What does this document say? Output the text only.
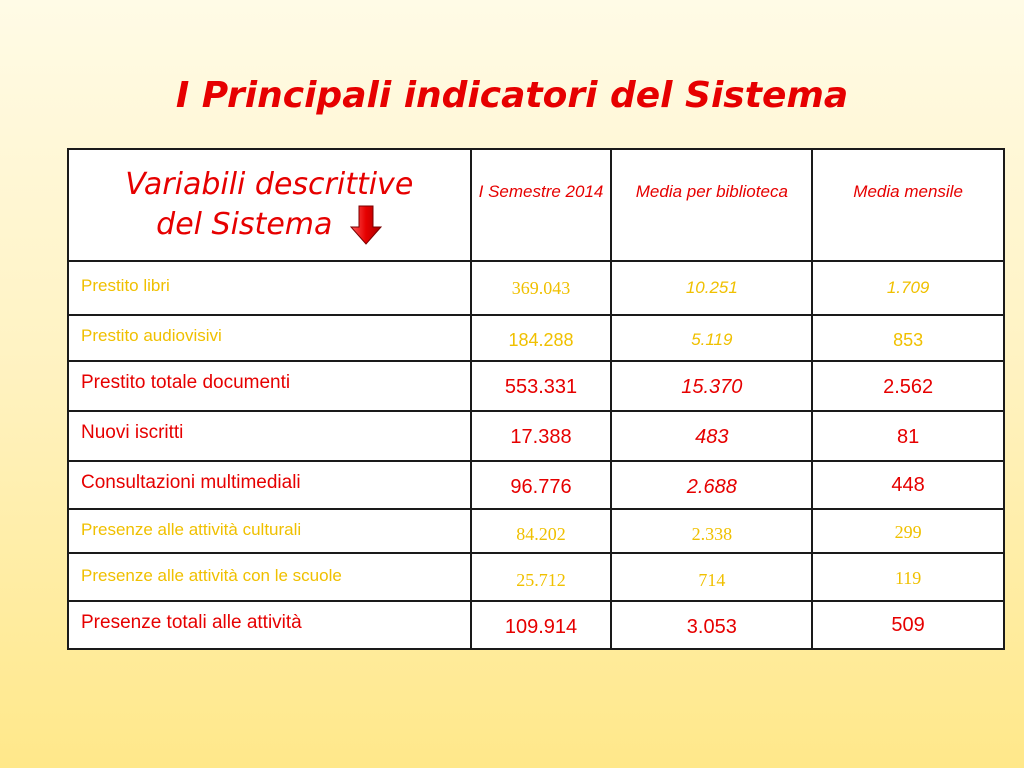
I Principali indicatori del Sistema
Variabili descrittive
del Sistema	I Semestre 2014	Media per biblioteca	Media mensile
Prestito libri	369.043	10.251	1.709
Prestito audiovisivi	184.288	5.119	853
Prestito totale documenti	553.331	15.370	2.562
Nuovi iscritti	17.388	483	81
Consultazioni multimediali	96.776	2.688	448
Presenze alle attività culturali	84.202	2.338	299
Presenze alle attività con le scuole	25.712	714	119
Presenze totali alle attività	109.914	3.053	509
